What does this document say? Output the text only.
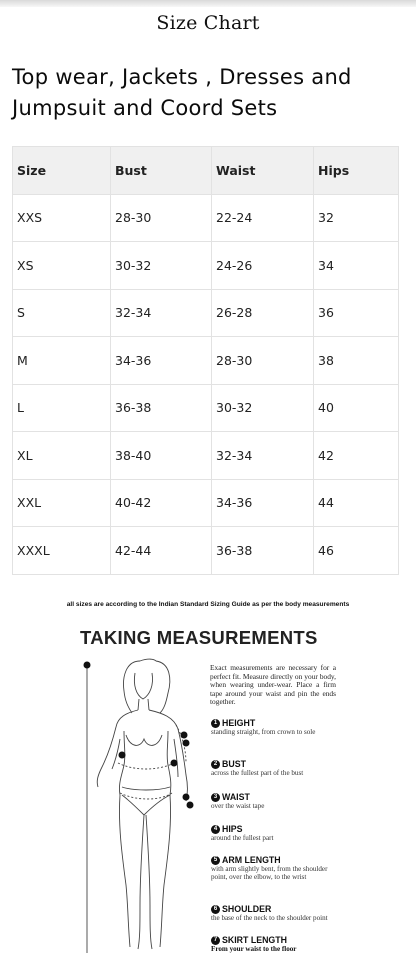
Size Chart
Top wear, Jackets , Dresses and Jumpsuit and Coord Sets
Size	Bust	Waist	Hips
XXS	28-30	22-24	32
XS	30-32	24-26	34
S	32-34	26-28	36
M	34-36	28-30	38
L	36-38	30-32	40
XL	38-40	32-34	42
XXL	40-42	34-36	44
XXXL	42-44	36-38	46
all sizes are according to the Indian Standard Sizing Guide as per the body measurements
TAKING MEASUREMENTS
Exact measurements are necessary for a perfect fit. Measure directly on your body, when wearing under-wear. Place a firm tape around your waist and pin the ends together.
1 HEIGHT
standing straight, from crown to sole
2 BUST
across the fullest part of the bust
3 WAIST
over the waist tape
4 HIPS
around the fullest part
5 ARM LENGTH
with arm slightly bent, from the shoulder point, over the elbow, to the wrist
6 SHOULDER
the base of the neck to the shoulder point
7 SKIRT LENGTH
From your waist to the floor
